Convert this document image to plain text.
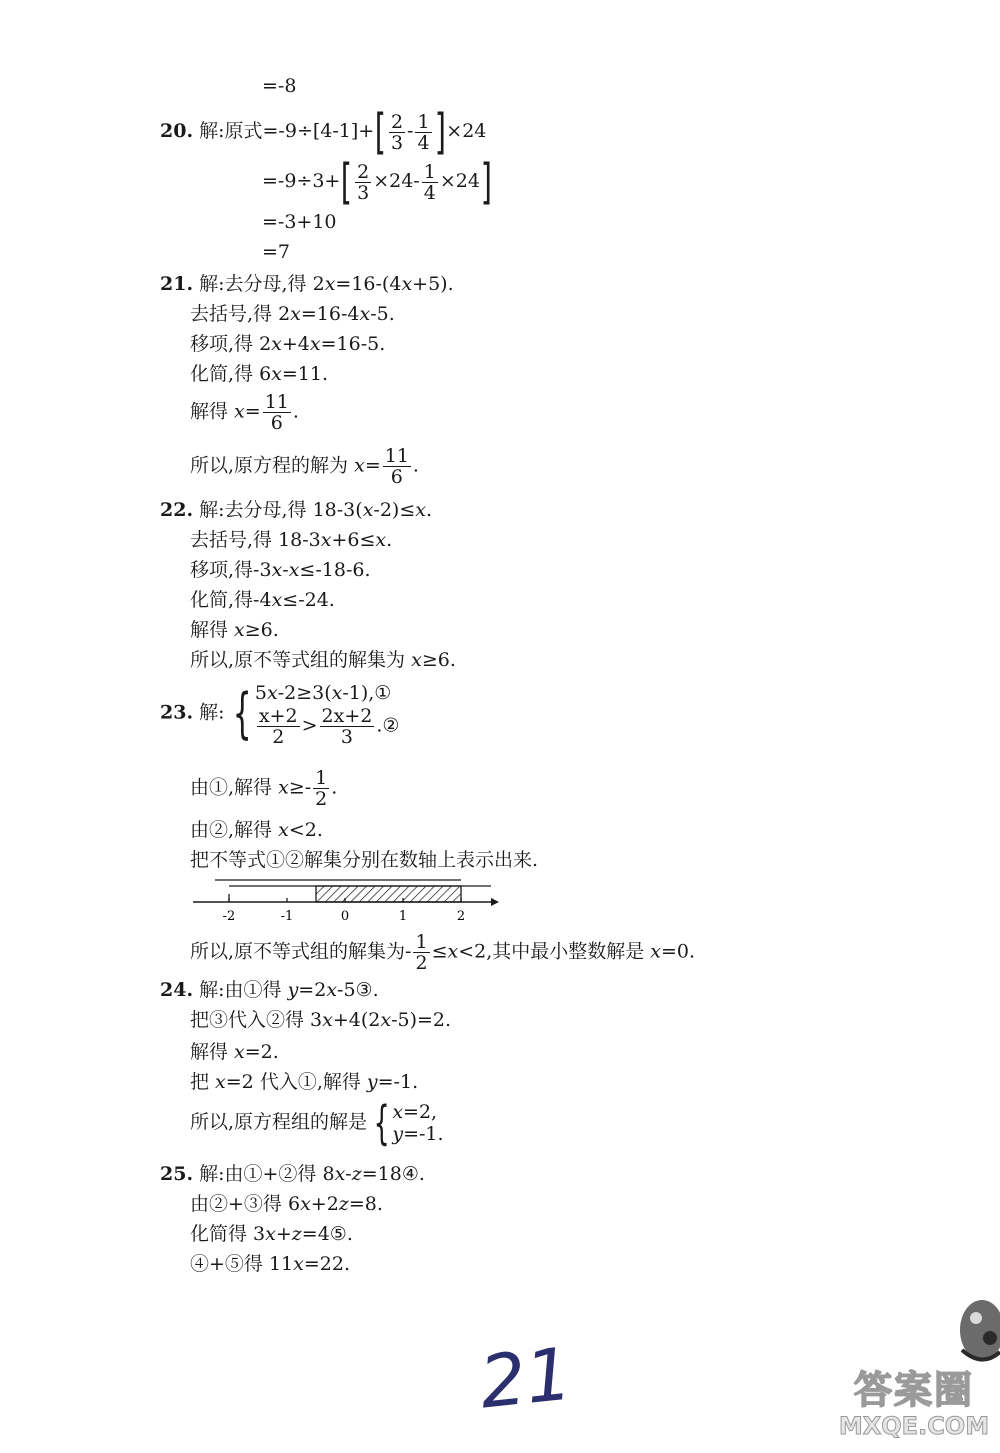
=-8
20. 解:原式$=-9\div[4-1]+[ \frac{2}{3} - \frac{1}{4} ]\times 24$
$=-9\div 3+[ \frac{2}{3} \times 24- \frac{1}{4} \times 24]$
=-3+10
=7
21. 解:去分母,得 2x=16-(4x+5).
去括号,得 2x=16-4x-5.
移项,得 2x+4x=16-5.
化简,得 6x=11.
解得 $x= \frac{11}{6}$ .
所以,原方程的解为 $x= \frac{11}{6}$ .
22. 解:去分母,得 18-3(x-2)≤x.
去括号,得 18-3x+6≤x.
移项,得-3x-x≤-18-6.
化简,得-4x≤-24.
解得 x≥6.
所以,原不等式组的解集为 x≥6.
23. 解: { 5x-2≥3(x-1),①
$\frac{x+2}{2} > \frac{2x+2}{3}$ .②
由①,解得 $x\ge- \frac{1}{2}$ .
由②,解得 x<2.
把不等式①②解集分别在数轴上表示出来.
-2	-1	0	1	2
所以,原不等式组的解集为- $\frac{1}{2} \le x<2$,其中最小整数解是 x=0.
24. 解:由①得 y=2x-5③.
把③代入②得 3x+4(2x-5)=2.
解得 x=2.
把 x=2 代入①,解得 y=-1.
所以,原方程组的解是 { x=2,
y=-1.
25. 解:由①+②得 8x-z=18④.
由②+③得 6x+2z=8.
化简得 3x+z=4⑤.
④+⑤得 11x=22.
21	答案圈
MXQE.COM
